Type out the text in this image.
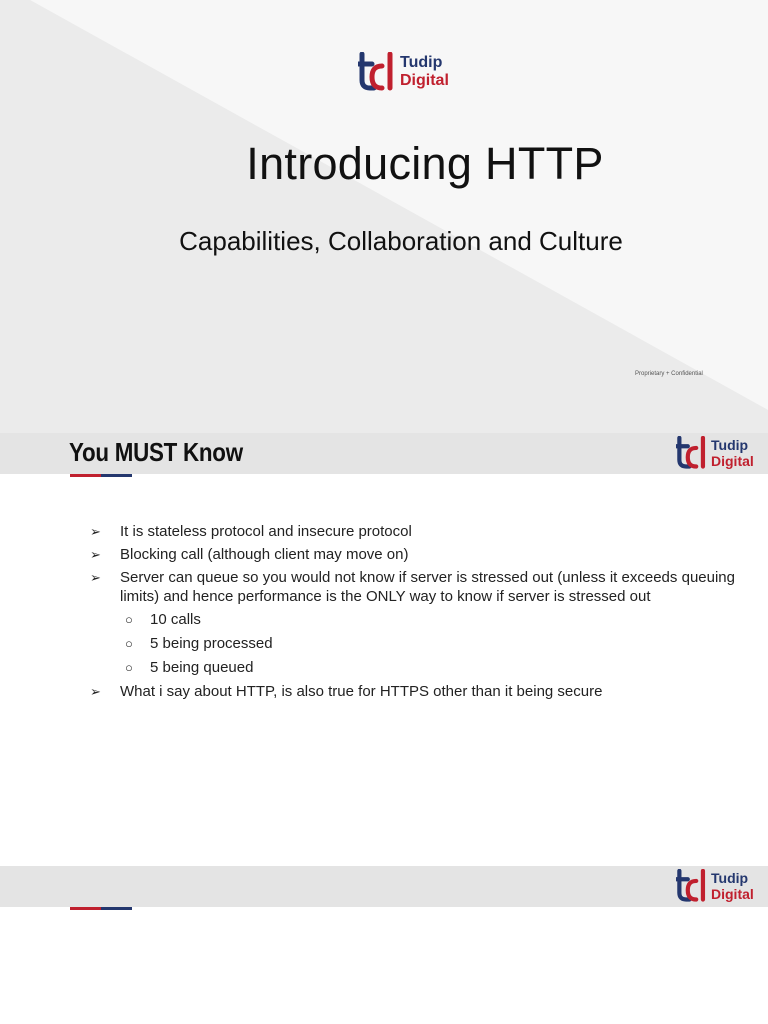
Tudip
Digital
Introducing HTTP
Capabilities, Collaboration and Culture
Proprietary + Confidential
You MUST Know	Tudip
Digital
➢ It is stateless protocol and insecure protocol
➢ Blocking call (although client may move on)
➢ Server can queue so you would not know if server is stressed out (unless it exceeds queuing limits) and hence performance is the ONLY way to know if server is stressed out
○ 10 calls
○ 5 being processed
○ 5 being queued
➢ What i say about HTTP, is also true for HTTPS other than it being secure
Tudip
Digital
